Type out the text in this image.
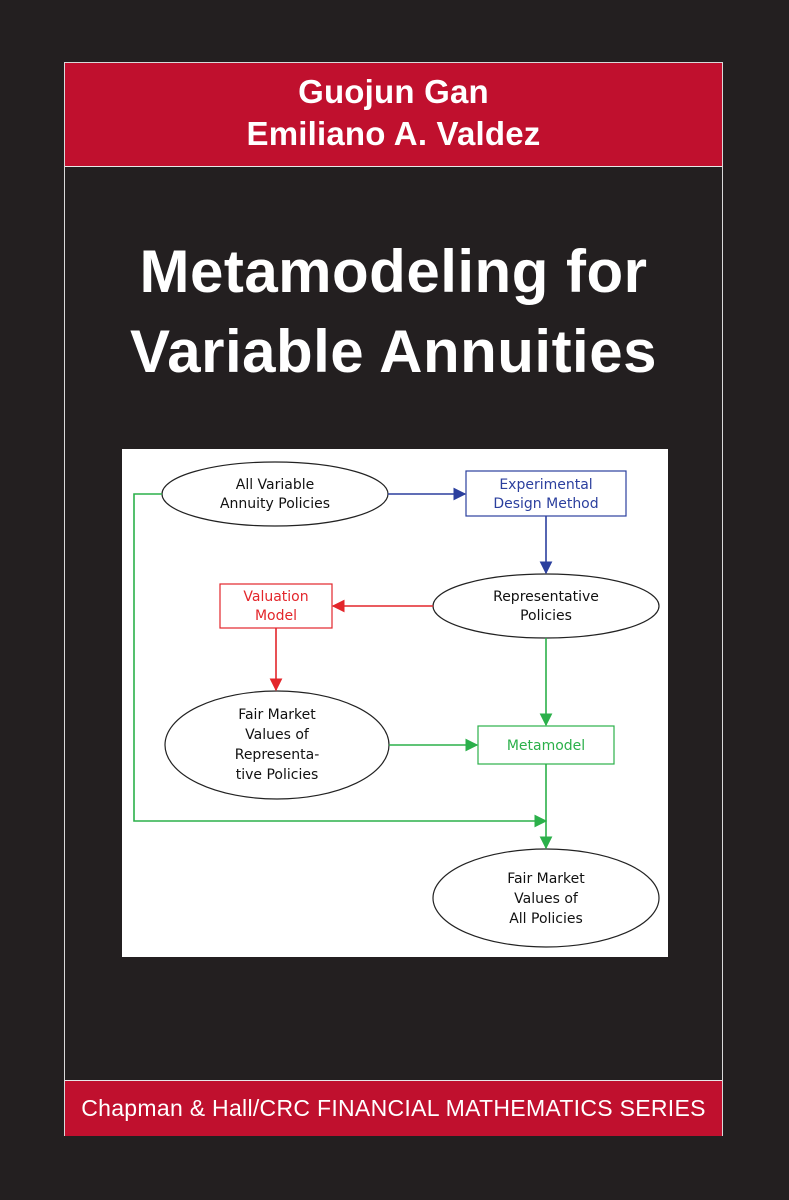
Guojun Gan
Emiliano A. Valdez
Metamodeling for
Variable Annuities
All Variable
Annuity Policies
Experimental
Design Method
Representative
Policies
Valuation
Model
Fair Market
Values of
Representa-
tive Policies
Metamodel
Fair Market
Values of
All Policies
Chapman & Hall/CRC FINANCIAL MATHEMATICS SERIES
